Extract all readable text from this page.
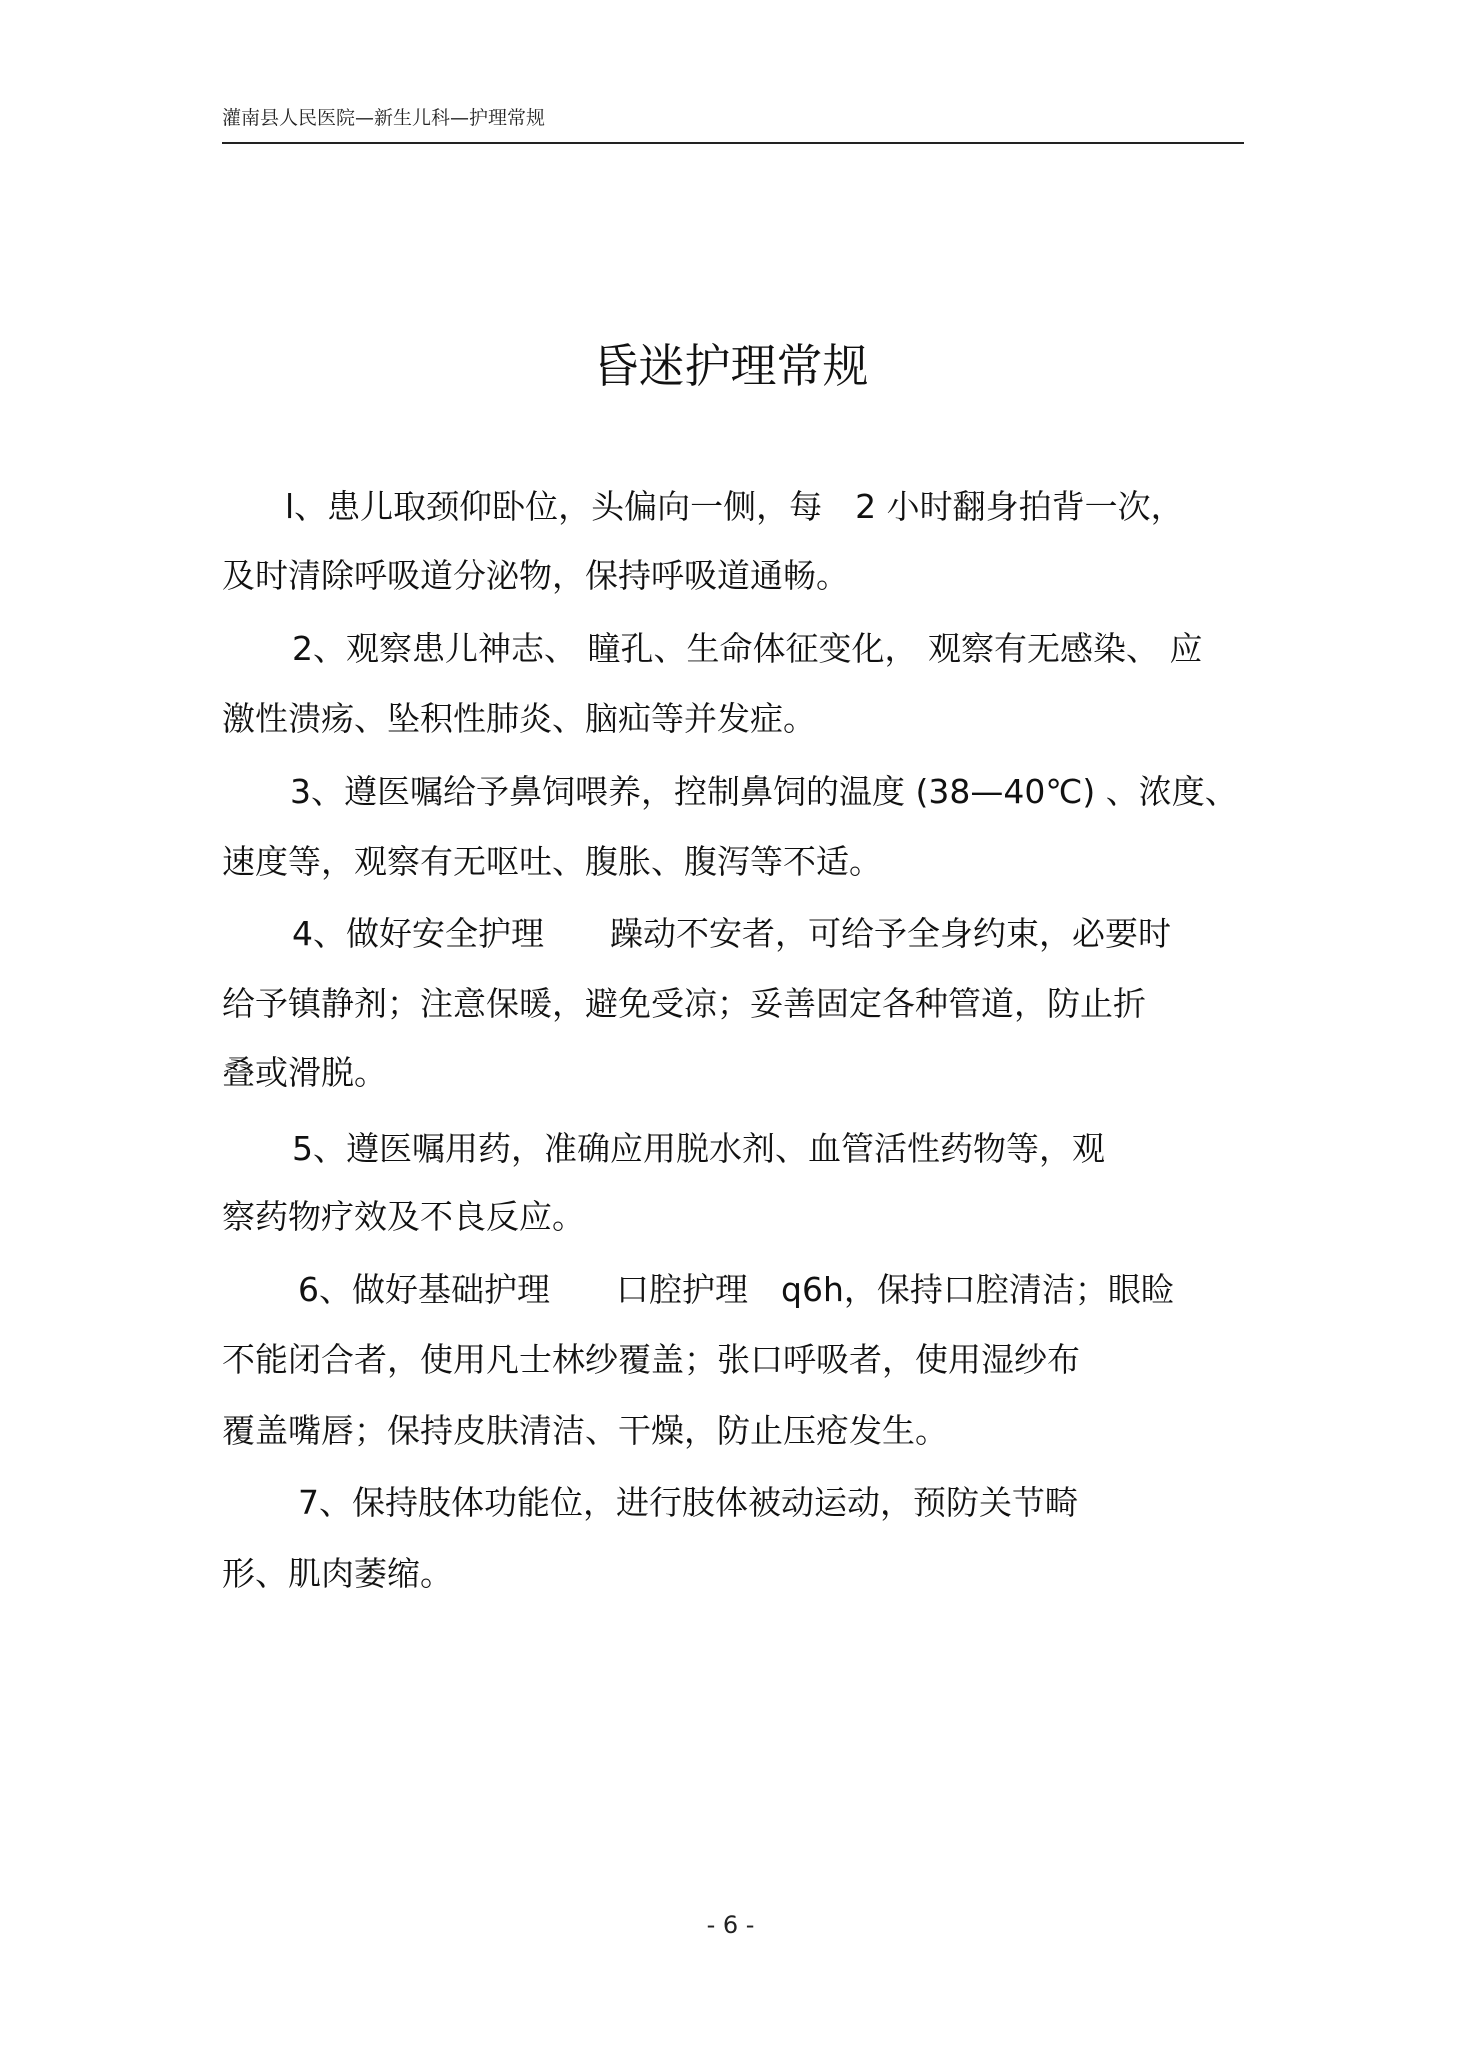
灌南县人民医院—新生儿科—护理常规
昏迷护理常规
l、患儿取颈仰卧位，头偏向一侧，每　2 小时翻身拍背一次，
及时清除呼吸道分泌物，保持呼吸道通畅。
2、观察患儿神志、 瞳孔、生命体征变化， 观察有无感染、 应
激性溃疡、坠积性肺炎、脑疝等并发症。
3、遵医嘱给予鼻饲喂养，控制鼻饲的温度 (38—40℃) 、浓度、
速度等，观察有无呕吐、腹胀、腹泻等不适。
4、做好安全护理　　躁动不安者，可给予全身约束，必要时
给予镇静剂；注意保暖，避免受凉；妥善固定各种管道，防止折
叠或滑脱。
5、遵医嘱用药，准确应用脱水剂、血管活性药物等，观
察药物疗效及不良反应。
6、做好基础护理　　口腔护理　q6h，保持口腔清洁；眼睑
不能闭合者，使用凡士林纱覆盖；张口呼吸者，使用湿纱布
覆盖嘴唇；保持皮肤清洁、干燥，防止压疮发生。
7、保持肢体功能位，进行肢体被动运动，预防关节畸
形、肌肉萎缩。
- 6 -
